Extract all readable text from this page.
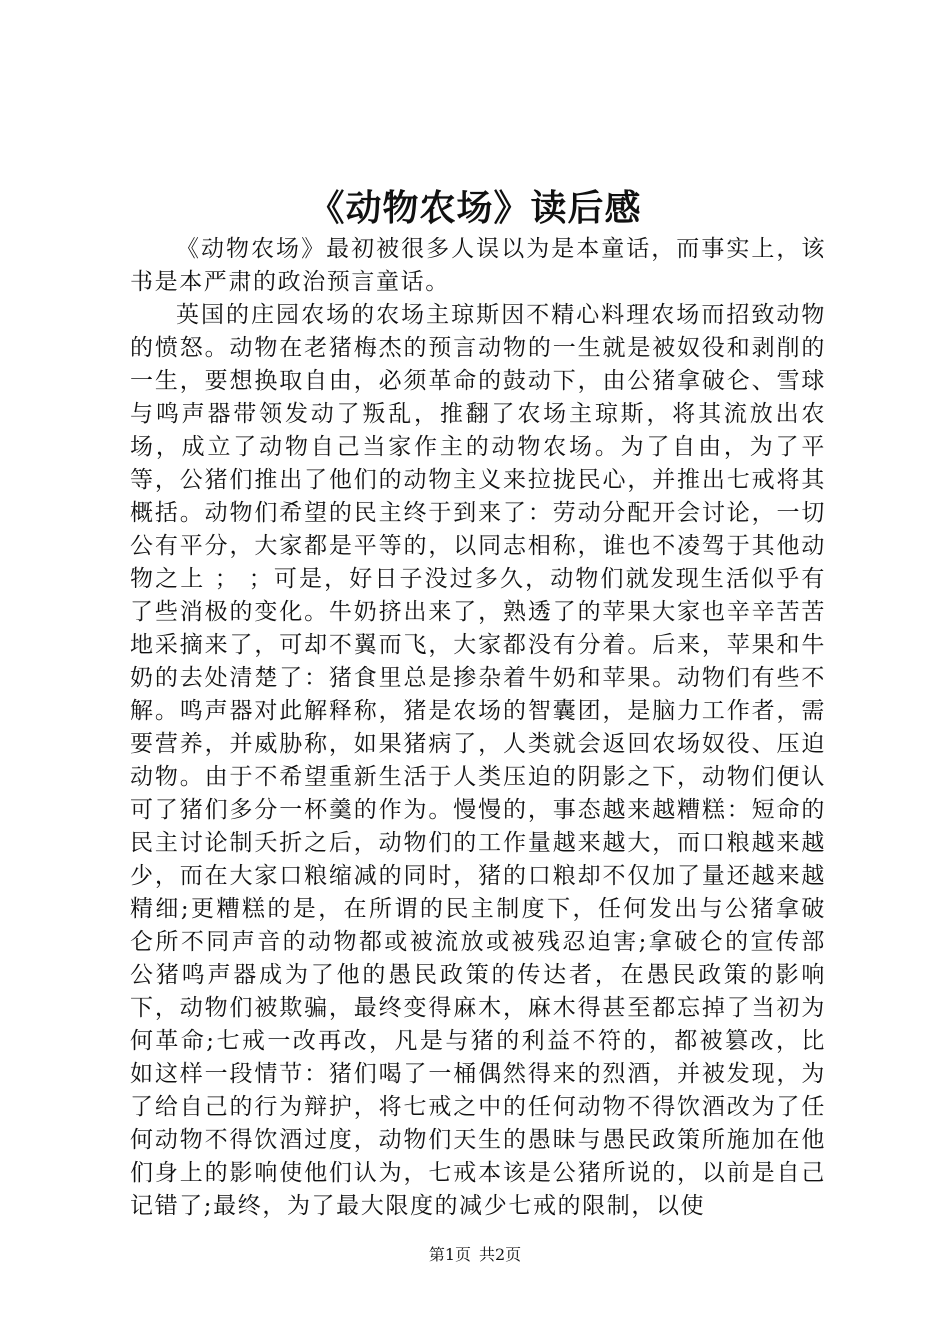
《动物农场》读后感

《动物农场》最初被很多人误以为是本童话，而事实上，该书是本严肃的政治预言童话。

英国的庄园农场的农场主琼斯因不精心料理农场而招致动物的愤怒。动物在老猪梅杰的预言动物的一生就是被奴役和剥削的一生，要想换取自由，必须革命的鼓动下，由公猪拿破仑、雪球与鸣声器带领发动了叛乱，推翻了农场主琼斯，将其流放出农场，成立了动物自己当家作主的动物农场。为了自由，为了平等，公猪们推出了他们的动物主义来拉拢民心，并推出七戒将其概括。动物们希望的民主终于到来了：劳动分配开会讨论，一切公有平分，大家都是平等的，以同志相称，谁也不凌驾于其他动物之上 ； ；可是，好日子没过多久，动物们就发现生活似乎有了些消极的变化。牛奶挤出来了，熟透了的苹果大家也辛辛苦苦地采摘来了，可却不翼而飞，大家都没有分着。后来，苹果和牛奶的去处清楚了：猪食里总是掺杂着牛奶和苹果。动物们有些不解。鸣声器对此解释称，猪是农场的智囊团，是脑力工作者，需要营养，并威胁称，如果猪病了，人类就会返回农场奴役、压迫动物。由于不希望重新生活于人类压迫的阴影之下，动物们便认可了猪们多分一杯羹的作为。慢慢的，事态越来越糟糕：短命的民主讨论制夭折之后，动物们的工作量越来越大，而口粮越来越少，而在大家口粮缩减的同时，猪的口粮却不仅加了量还越来越精细;更糟糕的是，在所谓的民主制度下，任何发出与公猪拿破仑所不同声音的动物都或被流放或被残忍迫害;拿破仑的宣传部公猪鸣声器成为了他的愚民政策的传达者，在愚民政策的影响下，动物们被欺骗，最终变得麻木，麻木得甚至都忘掉了当初为何革命;七戒一改再改，凡是与猪的利益不符的，都被篡改，比如这样一段情节：猪们喝了一桶偶然得来的烈酒，并被发现，为了给自己的行为辩护，将七戒之中的任何动物不得饮酒改为了任何动物不得饮酒过度，动物们天生的愚昧与愚民政策所施加在他们身上的影响使他们认为，七戒本该是公猪所说的，以前是自己记错了;最终，为了最大限度的减少七戒的限制，以使

第1页 共2页
